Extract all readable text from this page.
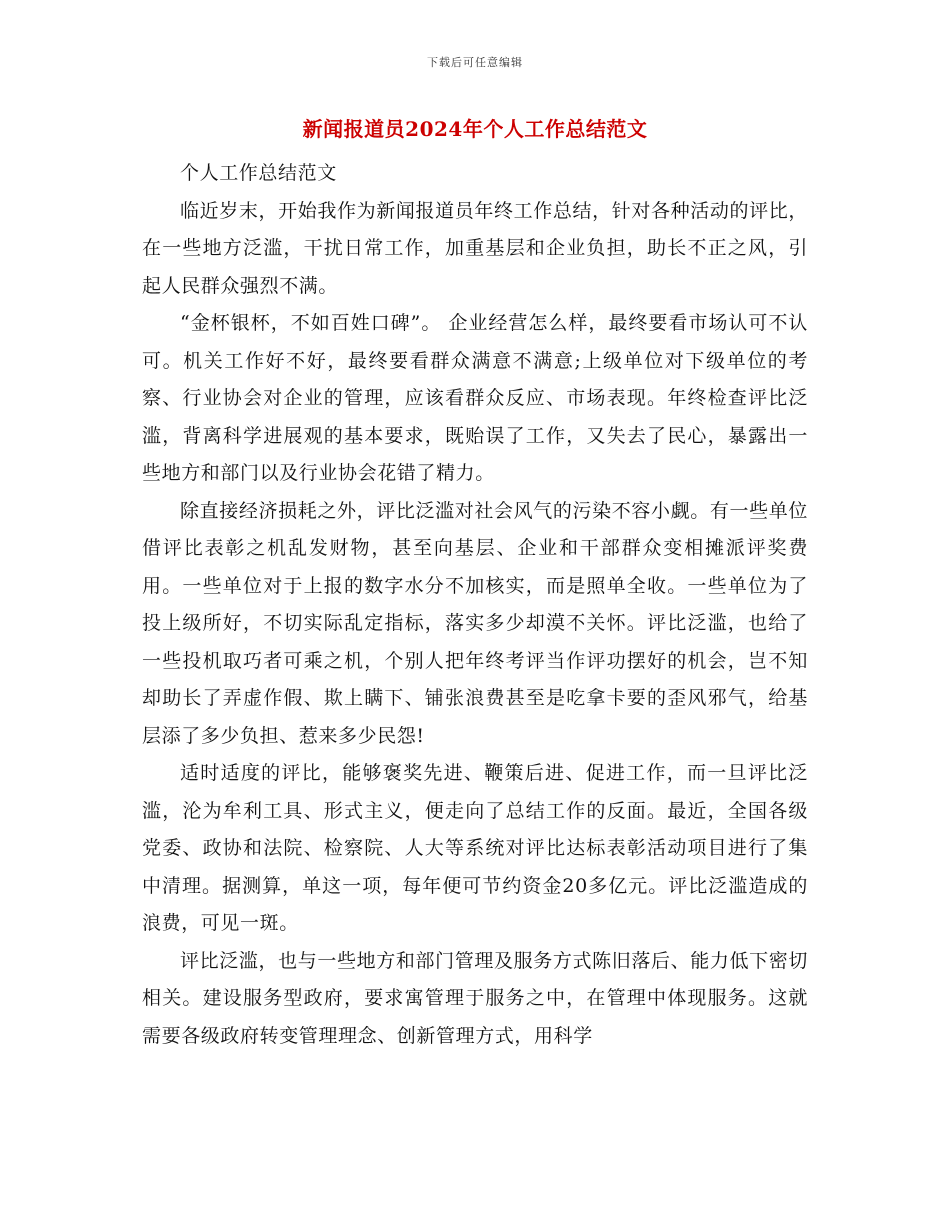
下载后可任意编辑
新闻报道员2024年个人工作总结范文

个人工作总结范文

临近岁末，开始我作为新闻报道员年终工作总结，针对各种活动的评比，在一些地方泛滥，干扰日常工作，加重基层和企业负担，助长不正之风，引起人民群众强烈不满。

“金杯银杯，不如百姓口碑”。 企业经营怎么样，最终要看市场认可不认可。机关工作好不好，最终要看群众满意不满意;上级单位对下级单位的考察、行业协会对企业的管理，应该看群众反应、市场表现。年终检查评比泛滥，背离科学进展观的基本要求，既贻误了工作，又失去了民心，暴露出一些地方和部门以及行业协会花错了精力。

除直接经济损耗之外，评比泛滥对社会风气的污染不容小觑。有一些单位借评比表彰之机乱发财物，甚至向基层、企业和干部群众变相摊派评奖费用。一些单位对于上报的数字水分不加核实，而是照单全收。一些单位为了投上级所好，不切实际乱定指标，落实多少却漠不关怀。评比泛滥，也给了一些投机取巧者可乘之机，个别人把年终考评当作评功摆好的机会，岂不知却助长了弄虚作假、欺上瞒下、铺张浪费甚至是吃拿卡要的歪风邪气，给基层添了多少负担、惹来多少民怨!

适时适度的评比，能够褒奖先进、鞭策后进、促进工作，而一旦评比泛滥，沦为牟利工具、形式主义，便走向了总结工作的反面。最近，全国各级党委、政协和法院、检察院、人大等系统对评比达标表彰活动项目进行了集中清理。据测算，单这一项，每年便可节约资金20多亿元。评比泛滥造成的浪费，可见一斑。

评比泛滥，也与一些地方和部门管理及服务方式陈旧落后、能力低下密切相关。建设服务型政府，要求寓管理于服务之中，在管理中体现服务。这就需要各级政府转变管理理念、创新管理方式，用科学
